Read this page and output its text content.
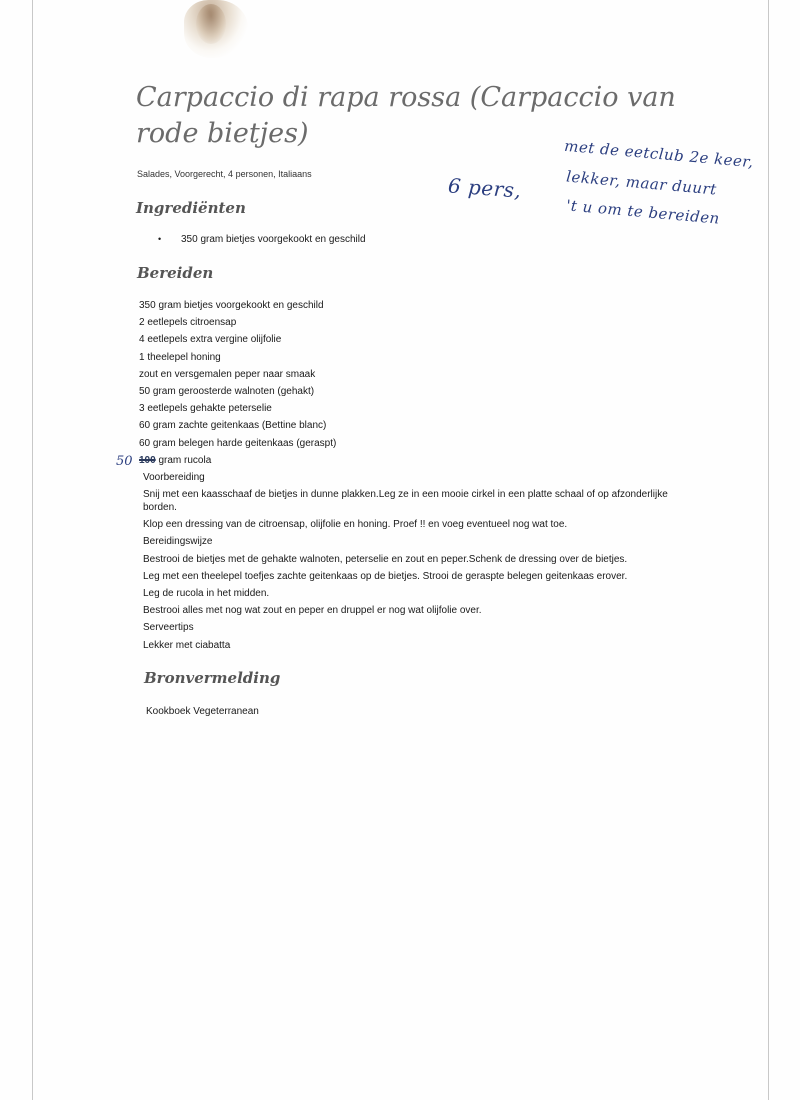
Carpaccio di rapa rossa (Carpaccio van rode bietjes)
Salades, Voorgerecht, 4 personen, Italiaans	6 pers,
met de eetclub 2e keer,
lekker, maar duurt
't u om te bereiden
Ingrediënten
• 350 gram bietjes voorgekookt en geschild
Bereiden
350 gram bietjes voorgekookt en geschild
2 eetlepels citroensap
4 eetlepels extra vergine olijfolie
1 theelepel honing
zout en versgemalen peper naar smaak
50 gram geroosterde walnoten (gehakt)
3 eetlepels gehakte peterselie
60 gram zachte geitenkaas (Bettine blanc)
60 gram belegen harde geitenkaas (geraspt)
100 gram rucola
Voorbereiding
Snij met een kaasschaaf de bietjes in dunne plakken.Leg ze in een mooie cirkel in een platte schaal of op afzonderlijke borden.
Klop een dressing van de citroensap, olijfolie en honing. Proef !! en voeg eventueel nog wat toe.
Bereidingswijze
Bestrooi de bietjes met de gehakte walnoten, peterselie en zout en peper.Schenk de dressing over de bietjes.
Leg met een theelepel toefjes zachte geitenkaas op de bietjes. Strooi de geraspte belegen geitenkaas erover.
Leg de rucola in het midden.
Bestrooi alles met nog wat zout en peper en druppel er nog wat olijfolie over.
Serveertips
Lekker met ciabatta
50
Bronvermelding
Kookboek Vegeterranean
